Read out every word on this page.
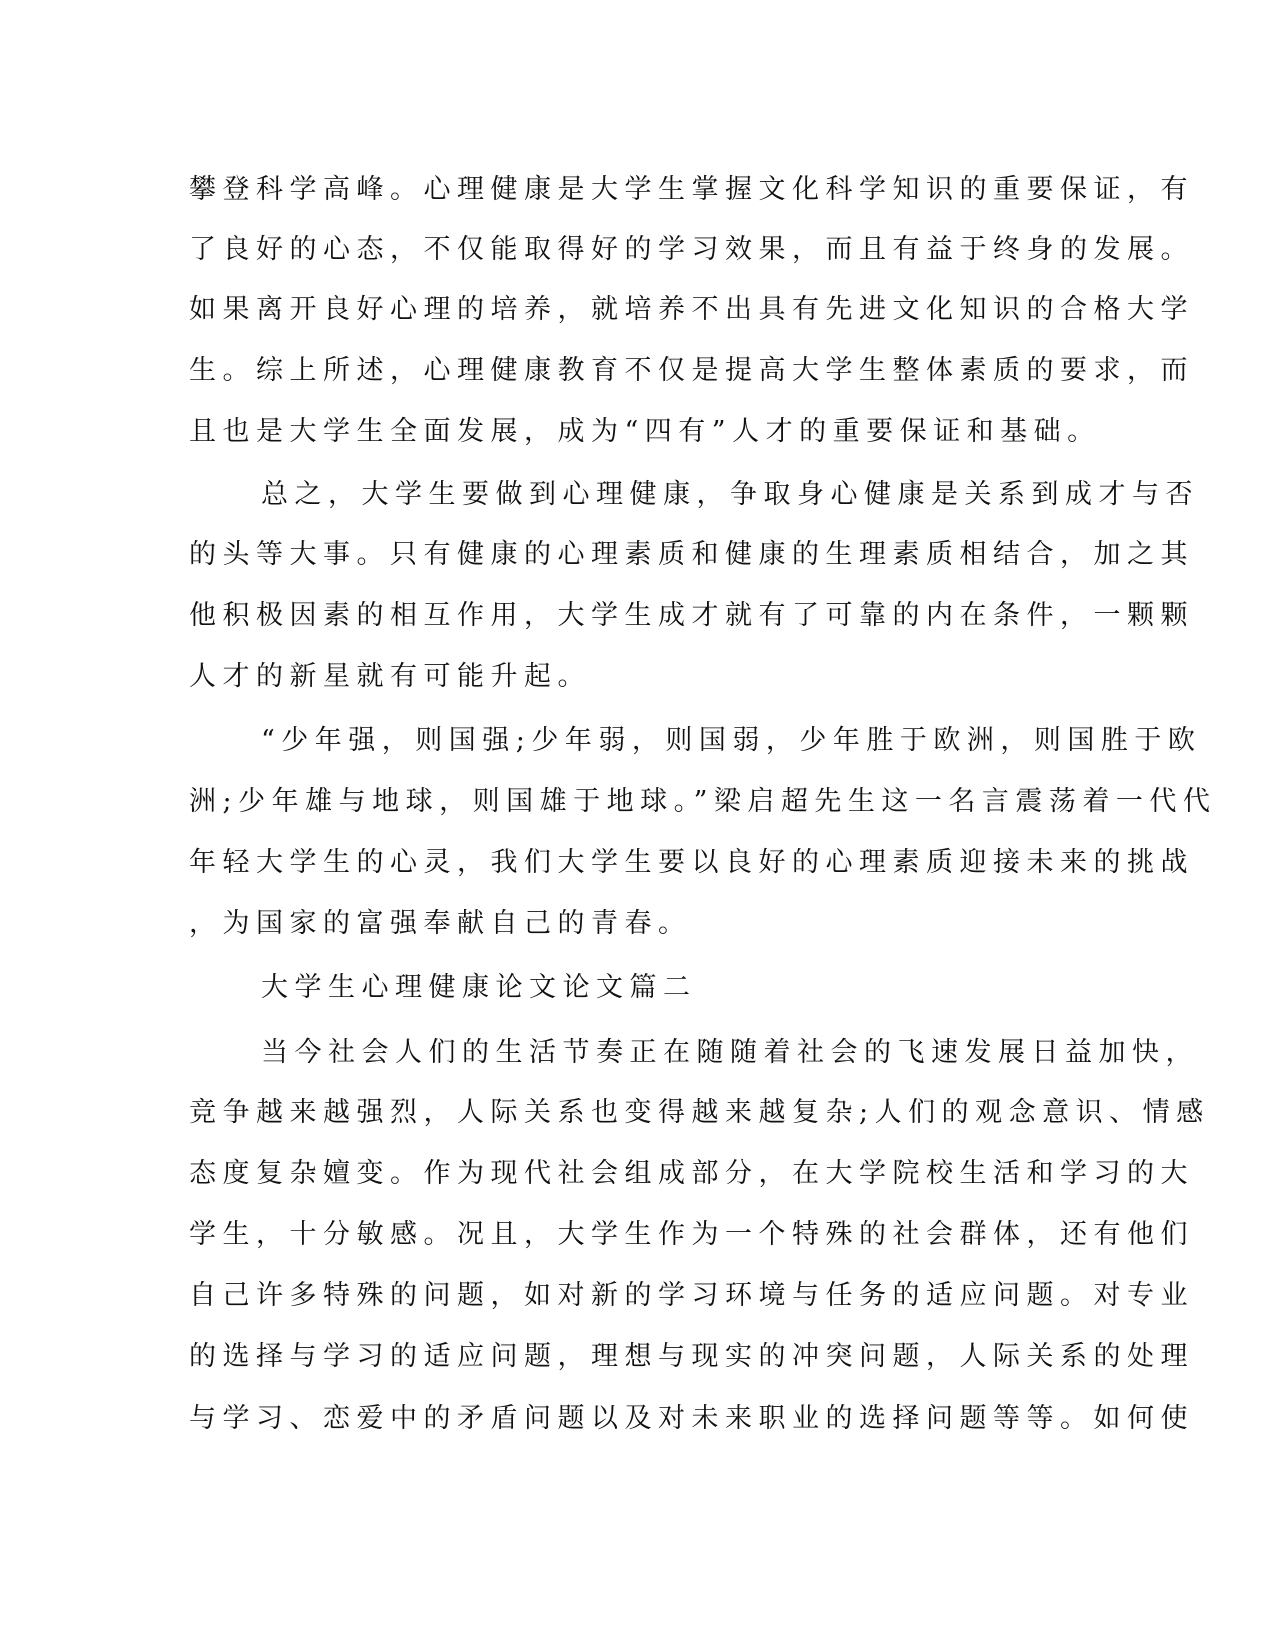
攀登科学高峰。心理健康是大学生掌握文化科学知识的重要保证，有
了良好的心态，不仅能取得好的学习效果，而且有益于终身的发展。
如果离开良好心理的培养，就培养不出具有先进文化知识的合格大学
生。综上所述，心理健康教育不仅是提高大学生整体素质的要求，而
且也是大学生全面发展，成为“四有”人才的重要保证和基础。
总之，大学生要做到心理健康，争取身心健康是关系到成才与否
的头等大事。只有健康的心理素质和健康的生理素质相结合，加之其
他积极因素的相互作用，大学生成才就有了可靠的内在条件，一颗颗
人才的新星就有可能升起。
“少年强，则国强;少年弱，则国弱，少年胜于欧洲，则国胜于欧
洲;少年雄与地球，则国雄于地球。”梁启超先生这一名言震荡着一代代
年轻大学生的心灵，我们大学生要以良好的心理素质迎接未来的挑战
，为国家的富强奉献自己的青春。
大学生心理健康论文论文篇二
当今社会人们的生活节奏正在随随着社会的飞速发展日益加快，
竞争越来越强烈，人际关系也变得越来越复杂;人们的观念意识、情感
态度复杂嬗变。作为现代社会组成部分，在大学院校生活和学习的大
学生，十分敏感。况且，大学生作为一个特殊的社会群体，还有他们
自己许多特殊的问题，如对新的学习环境与任务的适应问题。对专业
的选择与学习的适应问题，理想与现实的冲突问题，人际关系的处理
与学习、恋爱中的矛盾问题以及对未来职业的选择问题等等。如何使
